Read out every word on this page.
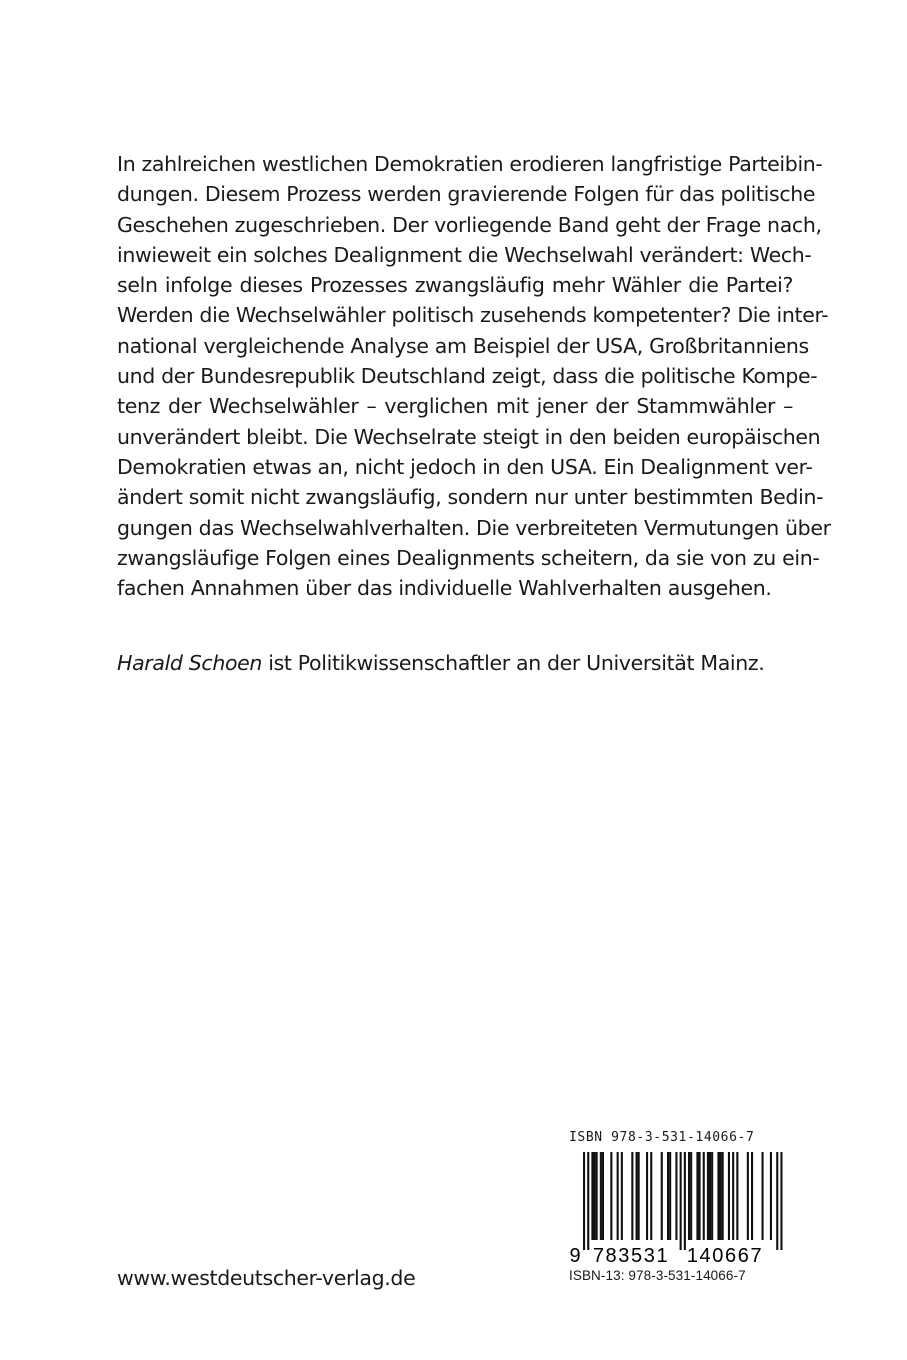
In zahlreichen westlichen Demokratien erodieren langfristige Parteibin-
dungen. Diesem Prozess werden gravierende Folgen für das politische
Geschehen zugeschrieben. Der vorliegende Band geht der Frage nach,
inwieweit ein solches Dealignment die Wechselwahl verändert: Wech-
seln infolge dieses Prozesses zwangsläufig mehr Wähler die Partei?
Werden die Wechselwähler politisch zusehends kompetenter? Die inter-
national vergleichende Analyse am Beispiel der USA, Großbritanniens
und der Bundesrepublik Deutschland zeigt, dass die politische Kompe-
tenz der Wechselwähler – verglichen mit jener der Stammwähler –
unverändert bleibt. Die Wechselrate steigt in den beiden europäischen
Demokratien etwas an, nicht jedoch in den USA. Ein Dealignment ver-
ändert somit nicht zwangsläufig, sondern nur unter bestimmten Bedin-
gungen das Wechselwahlverhalten. Die verbreiteten Vermutungen über
zwangsläufige Folgen eines Dealignments scheitern, da sie von zu ein-
fachen Annahmen über das individuelle Wahlverhalten ausgehen.
Harald Schoen ist Politikwissenschaftler an der Universität Mainz.
www.westdeutscher-verlag.de
ISBN 978-3-531-14066-7
9 783531 140667
ISBN-13: 978-3-531-14066-7
